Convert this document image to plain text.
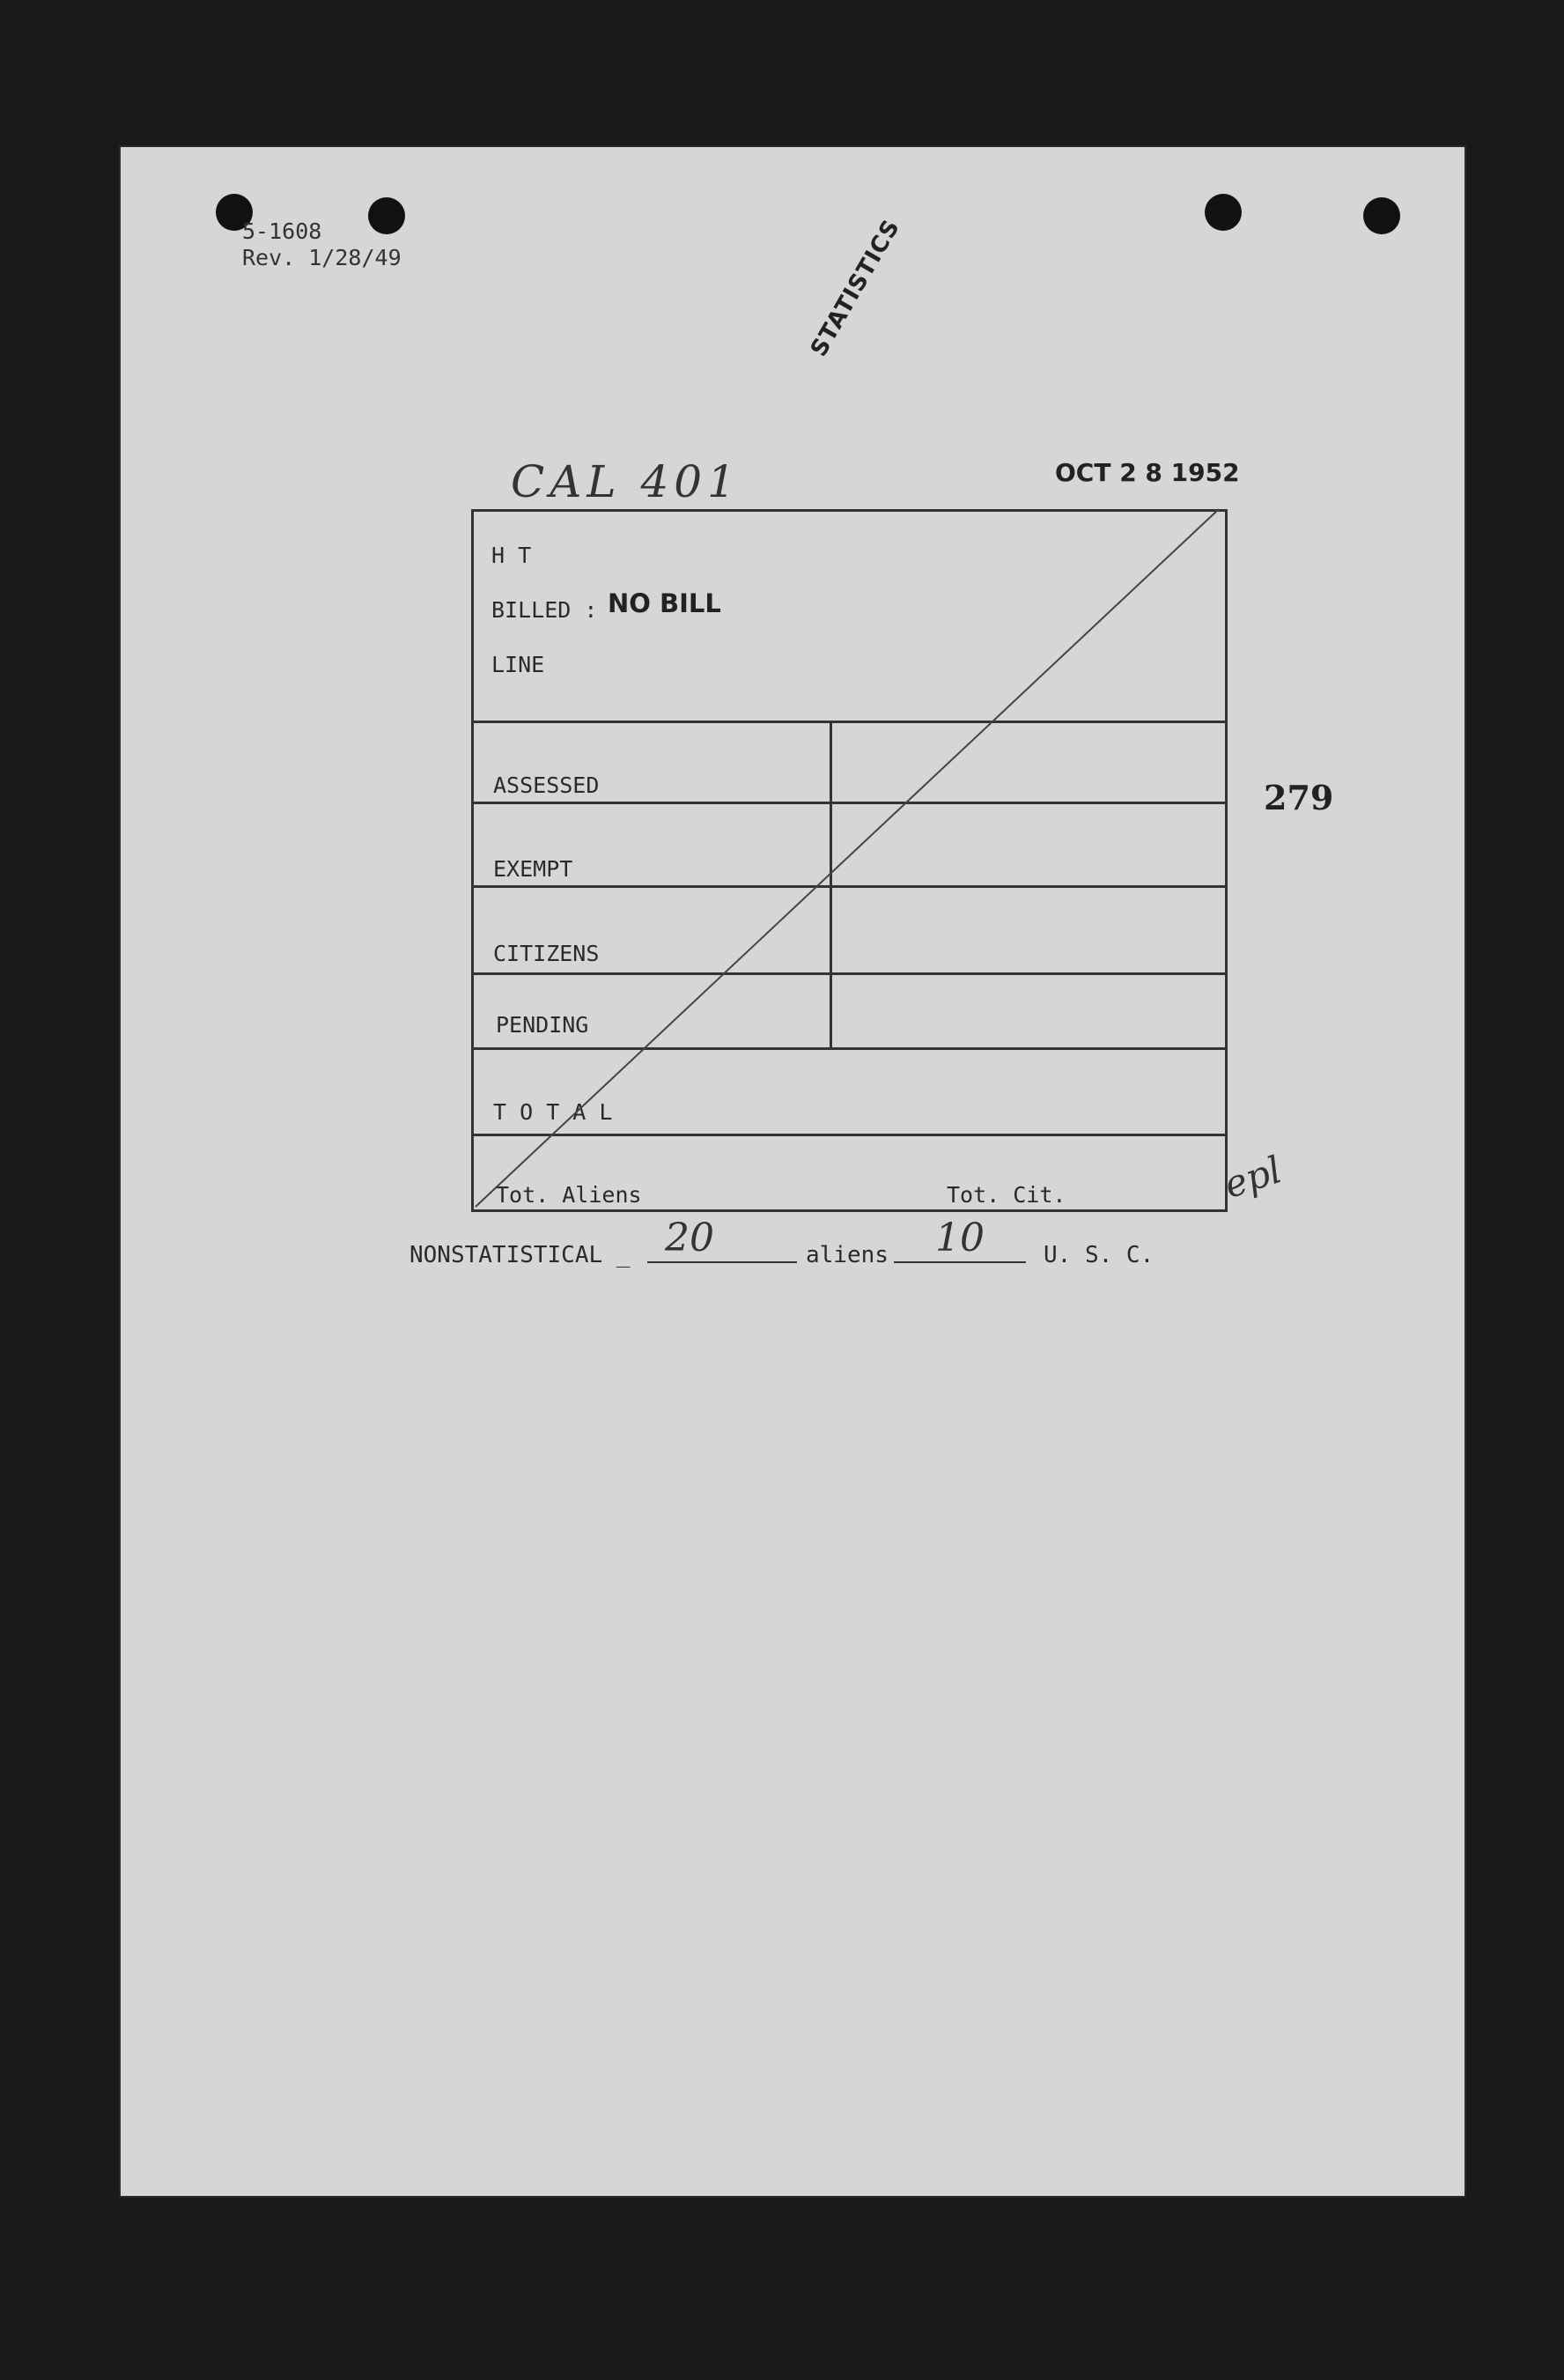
5-1608
Rev. 1/28/49	STATISTICS
CAL 401	OCT 2 8 1952
H T
BILLED : NO BILL
LINE
ASSESSED
EXEMPT
CITIZENS
PENDING
T O T A L
Tot. Aliens	Tot. Cit.
279
epl
NONSTATISTICAL _ 20	aliens 10	U. S. C.
